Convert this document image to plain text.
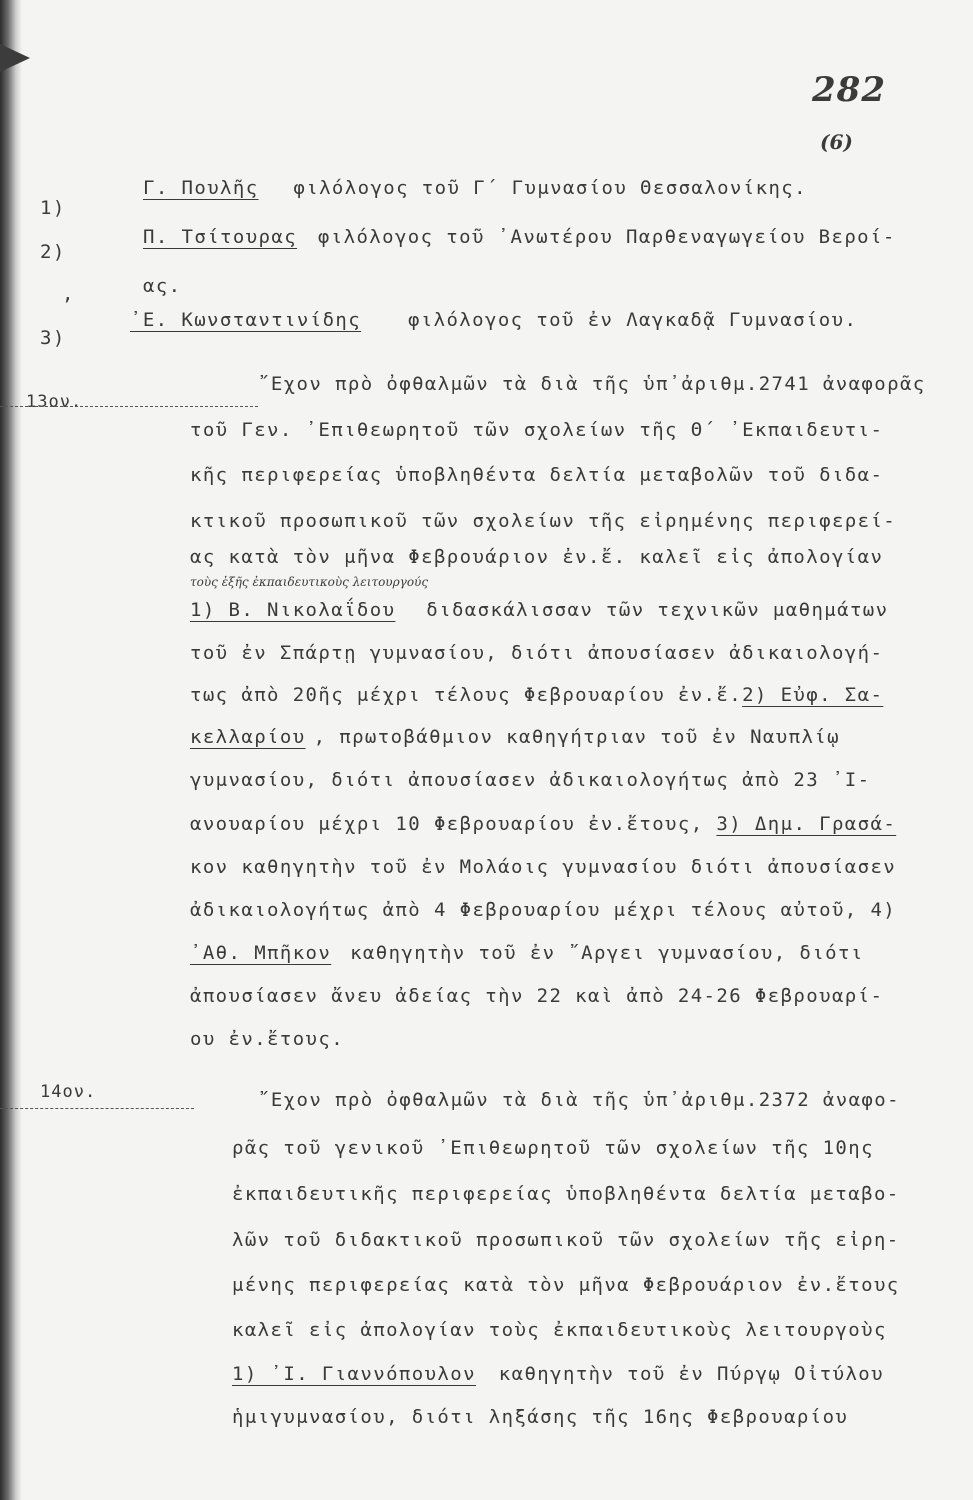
282
(6)
1)
Γ. Πουλῆς φιλόλογος τοῦ Γ΄ Γυμνασίου Θεσσαλονίκης.
2)
Π. Τσίτουρας φιλόλογος τοῦ ᾿Ανωτέρου Παρθεναγωγείου Βεροί-
,	ας.
3)
᾿Ε. Κωνσταντινίδης φιλόλογος τοῦ ἐν Λαγκαδᾷ Γυμνασίου.
13ον.
῎Εχον πρὸ ὀφθαλμῶν τὰ διὰ τῆς ὑπ᾿ἀριθμ.2741 ἀναφορᾶς
τοῦ Γεν. ᾿Επιθεωρητοῦ τῶν σχολείων τῆς Θ΄ ᾿Εκπαιδευτι-
κῆς περιφερείας ὑποβληθέντα δελτία μεταβολῶν τοῦ διδα-
κτικοῦ προσωπικοῦ τῶν σχολείων τῆς εἰρημένης περιφερεί-
ας κατὰ τὸν μῆνα Φεβρουάριον ἐν.ἔ. καλεῖ εἰς ἀπολογίαν
τοὺς ἑξῆς ἐκπαιδευτικοὺς λειτουργούς
1) Β. Νικολαΐδου διδασκάλισσαν τῶν τεχνικῶν μαθημάτων
τοῦ ἐν Σπάρτῃ γυμνασίου, διότι ἀπουσίασεν ἀδικαιολογή-
τως ἀπὸ 20ῆς μέχρι τέλους Φεβρουαρίου ἐν.ἔ.2) Εὐφ. Σα-
κελλαρίου , πρωτοβάθμιον καθηγήτριαν τοῦ ἐν Ναυπλίῳ
γυμνασίου, διότι ἀπουσίασεν ἀδικαιολογήτως ἀπὸ 23 ᾿Ι-
ανουαρίου μέχρι 10 Φεβρουαρίου ἐν.ἔτους, 3) Δημ. Γρασά-
κον καθηγητὴν τοῦ ἐν Μολάοις γυμνασίου διότι ἀπουσίασεν
ἀδικαιολογήτως ἀπὸ 4 Φεβρουαρίου μέχρι τέλους αὐτοῦ, 4)
᾿Αθ. Μπῆκον καθηγητὴν τοῦ ἐν ῎Αργει γυμνασίου, διότι
ἀπουσίασεν ἄνευ ἀδείας τὴν 22 καὶ ἀπὸ 24-26 Φεβρουαρί-
ου ἐν.ἔτους.
14ον.	῎Εχον πρὸ ὀφθαλμῶν τὰ διὰ τῆς ὑπ᾿ἀριθμ.2372 ἀναφο-
ρᾶς τοῦ γενικοῦ ᾿Επιθεωρητοῦ τῶν σχολείων τῆς 10ης
ἐκπαιδευτικῆς περιφερείας ὑποβληθέντα δελτία μεταβο-
λῶν τοῦ διδακτικοῦ προσωπικοῦ τῶν σχολείων τῆς εἰρη-
μένης περιφερείας κατὰ τὸν μῆνα Φεβρουάριον ἐν.ἔτους
καλεῖ εἰς ἀπολογίαν τοὺς ἐκπαιδευτικοὺς λειτουργοὺς
1) ᾿Ι. Γιαννόπουλον καθηγητὴν τοῦ ἐν Πύργῳ Οἰτύλου
ἡμιγυμνασίου, διότι ληξάσης τῆς 16ης Φεβρουαρίου
